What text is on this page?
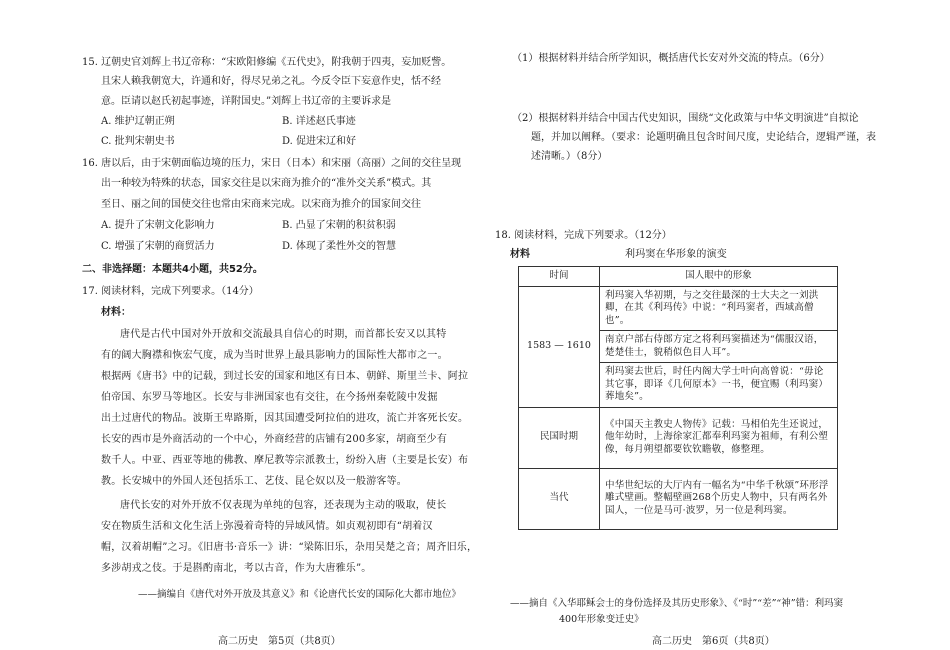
15. 辽朝史官刘辉上书辽帝称：“宋欧阳修编《五代史》，附我朝于四夷，妄加贬訾。
且宋人赖我朝宽大，许通和好，得尽兄弟之礼。今反令臣下妄意作史，恬不经
意。臣请以赵氏初起事迹，详附国史。”刘辉上书辽帝的主要诉求是
A. 维护辽朝正朔	B. 详述赵氏事迹
C. 批判宋朝史书	D. 促进宋辽和好
16. 唐以后，由于宋朝面临边境的压力，宋日（日本）和宋丽（高丽）之间的交往呈现
出一种较为特殊的状态，国家交往是以宋商为推介的“准外交关系”模式。其
至日、丽之间的国使交往也常由宋商来完成。以宋商为推介的国家间交往
A. 提升了宋朝文化影响力	B. 凸显了宋朝的积贫积弱
C. 增强了宋朝的商贸活力	D. 体现了柔性外交的智慧
二、非选择题：本题共4小题，共52分。
17. 阅读材料，完成下列要求。（14分）
材料：
唐代是古代中国对外开放和交流最具自信心的时期，而首都长安又以其特
有的阔大胸襟和恢宏气度，成为当时世界上最具影响力的国际性大都市之一。
根据两《唐书》中的记载，到过长安的国家和地区有日本、朝鲜、斯里兰卡、阿拉
伯帝国、东罗马等地区。长安与非洲国家也有交往，在今扬州秦乾陵中发掘
出土过唐代的物品。波斯王卑路斯，因其国遭受阿拉伯的进攻，流亡并客死长安。
长安的西市是外商活动的一个中心，外商经营的店铺有200多家，胡商至少有
数千人。中亚、西亚等地的佛教、摩尼教等宗派教士，纷纷入唐（主要是长安）布
教。长安城中的外国人还包括乐工、艺伎、昆仑奴以及一般游客等。
唐代长安的对外开放不仅表现为单纯的包容，还表现为主动的吸取，使长
安在物质生活和文化生活上弥漫着奇特的异域风情。如贞观初即有“胡着汉
帽，汉着胡帽”之习。《旧唐书·音乐一》讲：“梁陈旧乐，杂用吴楚之音；周齐旧乐，
多涉胡戎之伎。于是斟酌南北，考以古音，作为大唐雅乐”。
——摘编自《唐代对外开放及其意义》和《论唐代长安的国际化大都市地位》
高二历史　第5页（共8页）
（1）根据材料并结合所学知识，概括唐代长安对外交流的特点。（6分）
（2）根据材料并结合中国古代史知识，围绕“文化政策与中华文明演进”自拟论
题，并加以阐释。（要求：论题明确且包含时间尺度，史论结合，逻辑严谨，表
述清晰。）（8分）
18. 阅读材料，完成下列要求。（12分）
材料	利玛窦在华形象的演变
时间	国人眼中的形象
1583 — 1610	利玛窦入华初期，与之交往最深的士大夫之一刘洪卿，在其《利玛传》中说：“利玛窦者，西域高僧也”。
	南京户部右侍郎方定之将利玛窦描述为“儒服汉语，楚楚佳士，貌稍似色目人耳”。
	利玛窦去世后，时任内阁大学士叶向高曾说：“毋论其它事，即译《几何原本》一书，便宜赐（利玛窦）葬地矣”。
民国时期	《中国天主教史人物传》记载：马相伯先生还说过，他年幼时，上海徐家汇都奉利玛窦为祖师，有利公塑像，每月朔望都要钦钦瞻敬，修整理。
当代	中华世纪坛的大厅内有一幅名为“中华千秋颂”环形浮雕式壁画。整幅壁画268个历史人物中，只有两名外国人，一位是马可·波罗，另一位是利玛窦。
——摘自《入华耶稣会士的身份选择及其历史形象》、《“时”“差”“神”错：利玛窦
400年形象变迁史》
高二历史　第6页（共8页）
